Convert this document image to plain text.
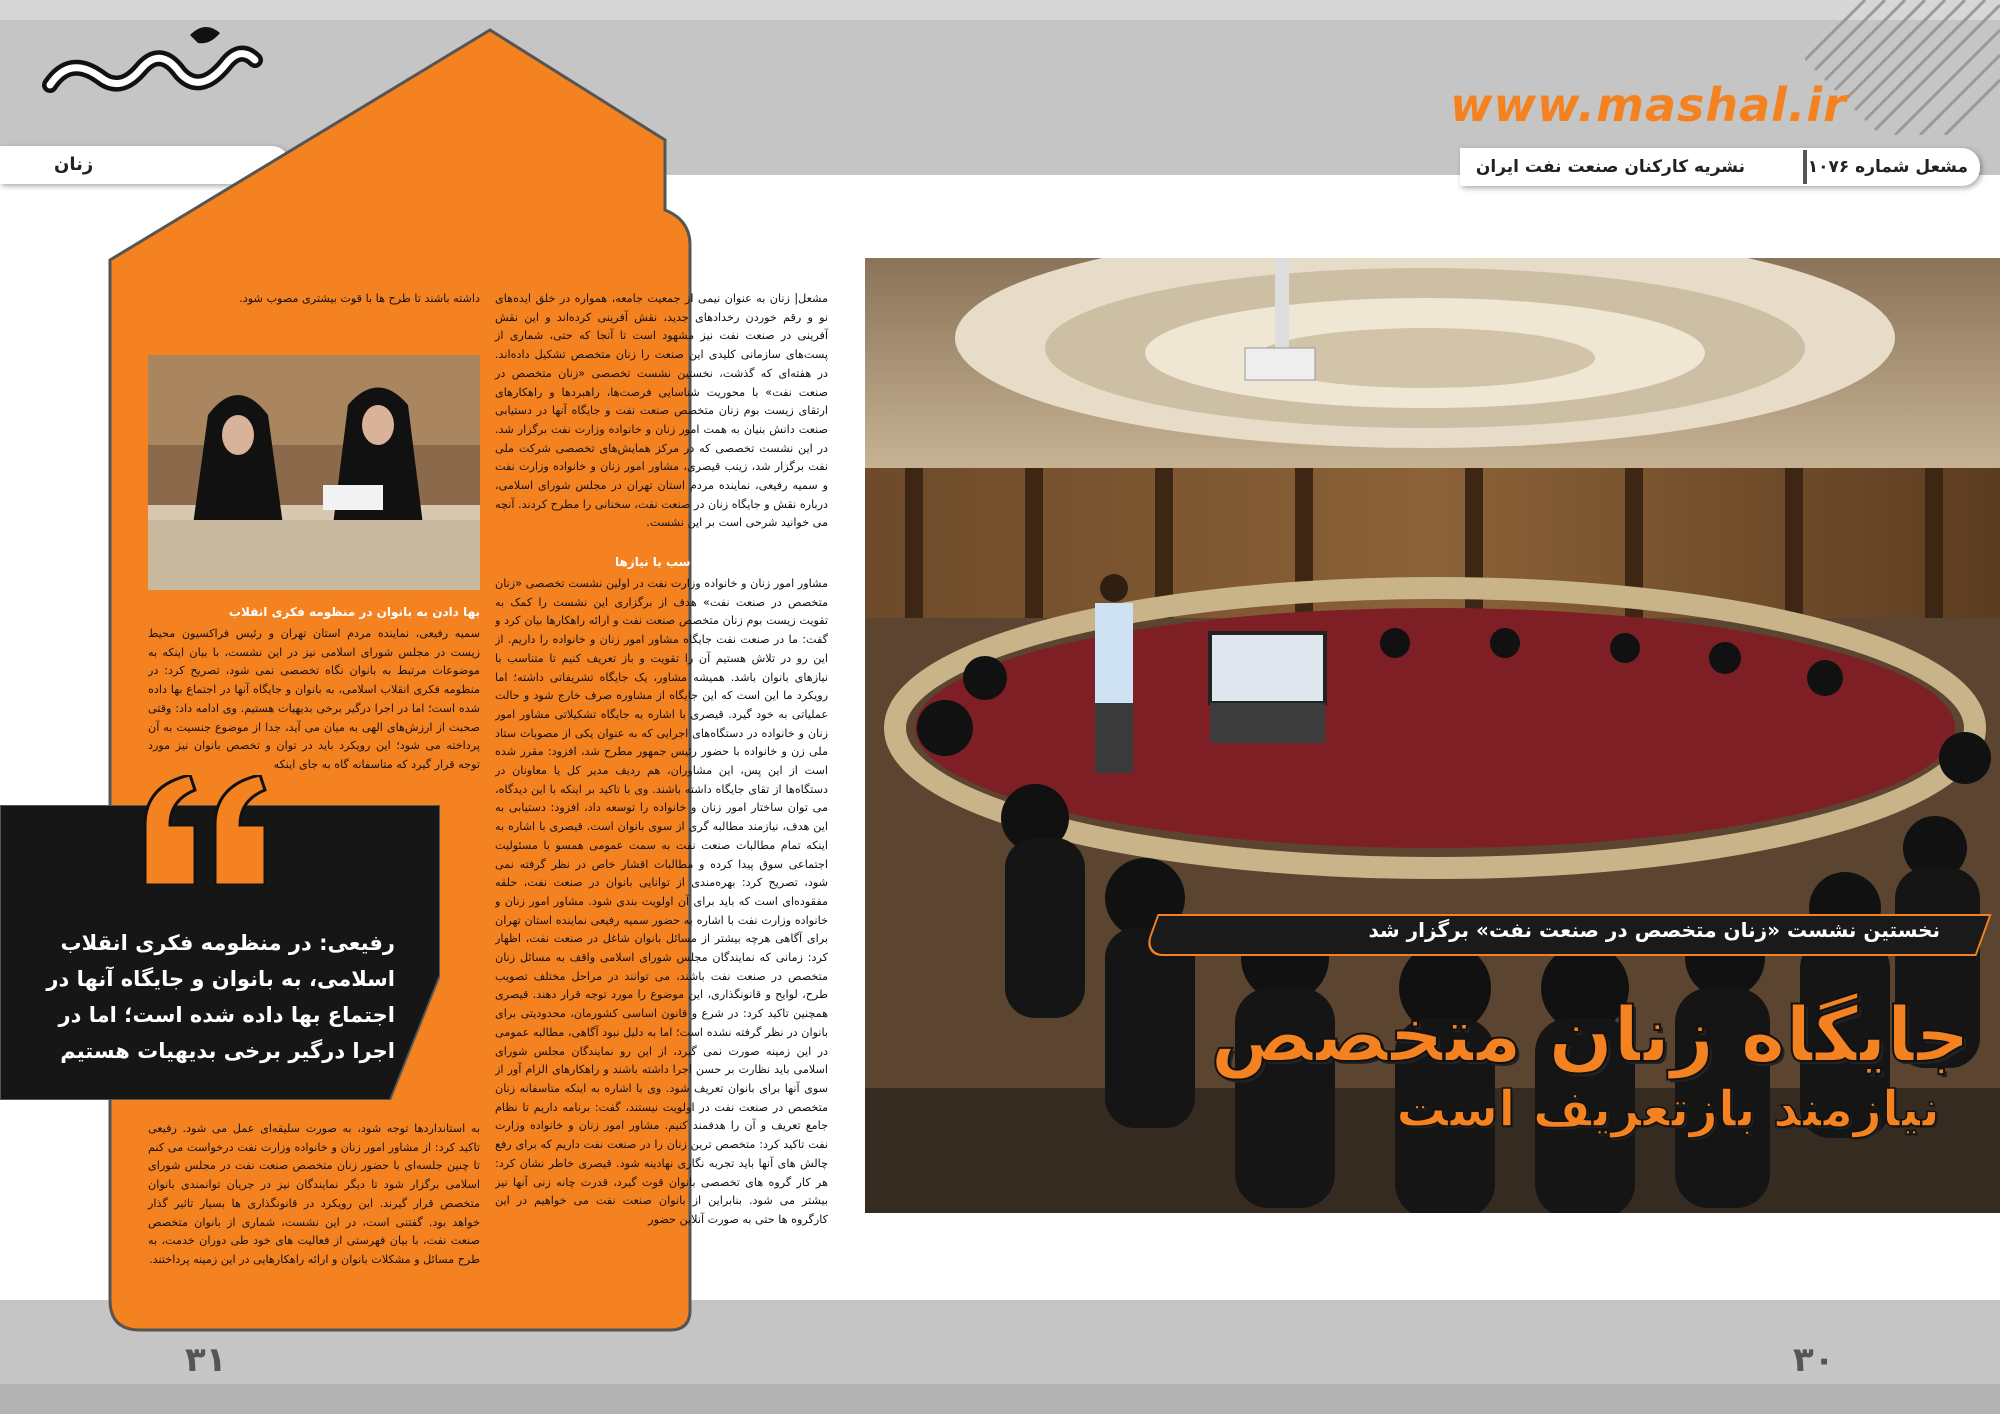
www.mashal.ir
مشعل شماره ۱۰۷۶
نشریه کارکنان صنعت نفت ایران
زنان
نخستین نشست «زنان متخصص در صنعت نفت» برگزار شد
جایگاه زنان متخصص
نیازمند بازتعریف است
مشعل| زنان به عنوان نیمی از جمعیت جامعه، همواره در خلق ایده‌های نو و رقم خوردن رخدادهای جدید، نقش آفرینی کرده‌اند و این نقش آفرینی در صنعت نفت نیز مشهود است تا آنجا که حتی، شماری از پست‌های سازمانی کلیدی این صنعت را زنان متخصص تشکیل داده‌اند. در هفته‌ای که گذشت، نخستین نشست تخصصی «زنان متخصص در صنعت نفت» با محوریت شناسایی فرصت‌ها، راهبردها و راهکارهای ارتقای زیست بوم زنان متخصص صنعت نفت و جایگاه آنها در دستیابی صنعت دانش بنیان به همت امور زنان و خانواده وزارت نفت برگزار شد. در این نشست تخصصی که در مرکز همایش‌های تخصصی شرکت ملی نفت برگزار شد، زینب قیصری، مشاور امور زنان و خانواده وزارت نفت و سمیه رفیعی، نماینده مردم استان تهران در مجلس شورای اسلامی، درباره نقش و جایگاه زنان در صنعت نفت، سخنانی را مطرح کردند. آنچه می خوانید شرحی است بر این نشست.
تقویت جایگاه زنان متناسب با نیازها
مشاور امور زنان و خانواده وزارت نفت در اولین نشست تخصصی «زنان متخصص در صنعت نفت» هدف از برگزاری این نشست را کمک به تقویت زیست بوم زنان متخصص صنعت نفت و ارائه راهکارها بیان کرد و گفت: ما در صنعت نفت جایگاه مشاور امور زنان و خانواده را داریم. از این رو در تلاش هستیم آن را تقویت و باز تعریف کنیم تا متناسب با نیازهای بانوان باشد. همیشه مشاور، یک جایگاه تشریفاتی داشته؛ اما رویکرد ما این است که این جایگاه از مشاوره صرف خارج شود و حالت عملیاتی به خود گیرد. قیصری با اشاره به جایگاه تشکیلاتی مشاور امور زنان و خانواده در دستگاه‌های اجرایی که به عنوان یکی از مصوبات ستاد ملی زن و خانواده با حضور رئیس جمهور مطرح شد، افزود: مقرر شده است از این پس، این مشاوران، هم ردیف مدیر کل یا معاونان در دستگاه‌ها از تقای جایگاه داشته باشند. وی با تاکید بر اینکه با این دیدگاه، می توان ساختار امور زنان و خانواده را توسعه داد، افزود: دستیابی به این هدف، نیازمند مطالبه گری از سوی بانوان است. قیصری با اشاره به اینکه تمام مطالبات صنعت نفت به سمت عمومی همسو با مسئولیت اجتماعی سوق پیدا کرده و مطالبات اقشار خاص در نظر گرفته نمی شود، تصریح کرد: بهره‌مندی از توانایی بانوان در صنعت نفت، حلقه مفقوده‌ای است که باید برای آن اولویت بندی شود. مشاور امور زنان و خانواده وزارت نفت با اشاره به حضور سمیه رفیعی نماینده استان تهران برای آگاهی هرچه بیشتر از مسائل بانوان شاغل در صنعت نفت، اظهار کرد: زمانی که نمایندگان مجلس شورای اسلامی واقف به مسائل زنان متخصص در صنعت نفت باشند، می توانند در مراحل مختلف تصویب طرح، لوایح و قانونگذاری، این موضوع را مورد توجه قرار دهند. قیصری همچنین تاکید کرد: در شرع و قانون اساسی کشورمان، محدودیتی برای بانوان در نظر گرفته نشده است؛ اما به دلیل نبود آگاهی، مطالبه عمومی در این زمینه صورت نمی گیرد، از این رو نمایندگان مجلس شورای اسلامی باید نظارت بر حسن اجرا داشته باشند و راهکارهای الزام آور از سوی آنها برای بانوان تعریف شود. وی با اشاره به اینکه متاسفانه زنان متخصص در صنعت نفت در اولویت نیستند، گفت: برنامه داریم تا نظام جامع تعریف و آن را هدفمند کنیم. مشاور امور زنان و خانواده وزارت نفت تاکید کرد: متخصص ترین زنان را در صنعت نفت داریم که برای رفع چالش های آنها باید تجربه نگاری نهادینه شود. قیصری خاطر نشان کرد: هر کار گروه های تخصصی بانوان قوت گیرد، قدرت چانه زنی آنها نیز بیشتر می شود. بنابراین از بانوان صنعت نفت می خواهیم در این کارگروه ها حتی به صورت آنلاین حضور
داشته باشند تا طرح ها با قوت بیشتری مصوب شود.
بها دادن به بانوان در منظومه فکری انقلاب
سمیه رفیعی، نماینده مردم استان تهران و رئیس فراکسیون محیط زیست در مجلس شورای اسلامی نیز در این نشست، با بیان اینکه به موضوعات مرتبط به بانوان نگاه تخصصی نمی شود، تصریح کرد: در منظومه فکری انقلاب اسلامی، به بانوان و جایگاه آنها در اجتماع بها داده شده است؛ اما در اجرا درگیر برخی بدیهیات هستیم. وی ادامه داد: وقتی صحبت از ارزش‌های الهی به میان می آید، جدا از موضوع جنسیت به آن پرداخته می شود؛ این رویکرد باید در توان و تخصص بانوان نیز مورد توجه قرار گیرد که متاسفانه گاه به جای اینکه
رفیعی: در منظومه فکری انقلاب اسلامی، به بانوان و جایگاه آنها در اجتماع بها داده شده است؛ اما در اجرا درگیر برخی بدیهیات هستیم
به استانداردها توجه شود، به صورت سلیقه‌ای عمل می شود. رفیعی تاکید کرد: از مشاور امور زنان و خانواده وزارت نفت درخواست می کنم تا چنین جلسه‌ای با حضور زنان متخصص صنعت نفت در مجلس شورای اسلامی برگزار شود تا دیگر نمایندگان نیز در جریان توانمندی بانوان متخصص قرار گیرند. این رویکرد در قانونگذاری ها بسیار تاثیر گذار خواهد بود. گفتنی است، در این نشست، شماری از بانوان متخصص صنعت نفت، با بیان فهرستی از فعالیت های خود طی دوران خدمت، به طرح مسائل و مشکلات بانوان و ارائه راهکارهایی در این زمینه پرداختند.
۳۱	۳۰
